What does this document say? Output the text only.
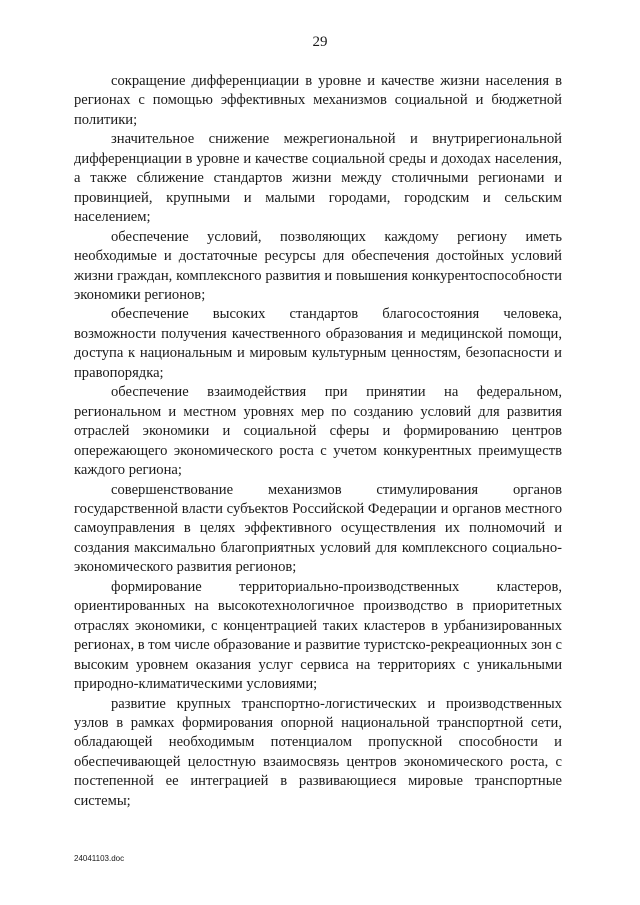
29

сокращение дифференциации в уровне и качестве жизни населения в регионах с помощью эффективных механизмов социальной и бюджетной политики;

значительное снижение межрегиональной и внутрирегиональной дифференциации в уровне и качестве социальной среды и доходах населения, а также сближение стандартов жизни между столичными регионами и провинцией, крупными и малыми городами, городским и сельским населением;

обеспечение условий, позволяющих каждому региону иметь необходимые и достаточные ресурсы для обеспечения достойных условий жизни граждан, комплексного развития и повышения конкурентоспособности экономики регионов;

обеспечение высоких стандартов благосостояния человека, возможности получения качественного образования и медицинской помощи, доступа к национальным и мировым культурным ценностям, безопасности и правопорядка;

обеспечение взаимодействия при принятии на федеральном, региональном и местном уровнях мер по созданию условий для развития отраслей экономики и социальной сферы и формированию центров опережающего экономического роста с учетом конкурентных преимуществ каждого региона;

совершенствование механизмов стимулирования органов государственной власти субъектов Российской Федерации и органов местного самоуправления в целях эффективного осуществления их полномочий и создания максимально благоприятных условий для комплексного социально-экономического развития регионов;

формирование территориально-производственных кластеров, ориентированных на высокотехнологичное производство в приоритетных отраслях экономики, с концентрацией таких кластеров в урбанизированных регионах, в том числе образование и развитие туристско-рекреационных зон с высоким уровнем оказания услуг сервиса на территориях с уникальными природно-климатическими условиями;

развитие крупных транспортно-логистических и производственных узлов в рамках формирования опорной национальной транспортной сети, обладающей необходимым потенциалом пропускной способности и обеспечивающей целостную взаимосвязь центров экономического роста, с постепенной ее интеграцией в развивающиеся мировые транспортные системы;

24041103.doc
